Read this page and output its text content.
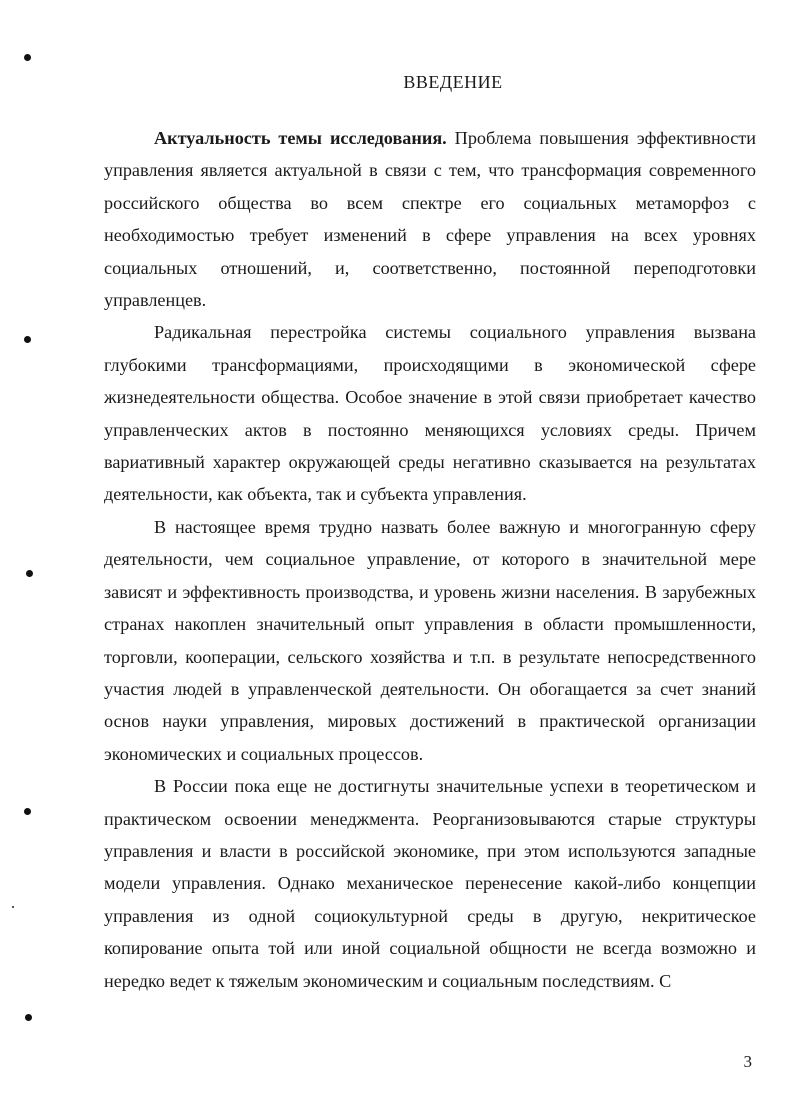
ВВЕДЕНИЕ

Актуальность темы исследования. Проблема повышения эффективности управления является актуальной в связи с тем, что трансформация современного российского общества во всем спектре его социальных метаморфоз с необходимостью требует изменений в сфере управления на всех уровнях социальных отношений, и, соответственно, постоянной переподготовки управленцев.

Радикальная перестройка системы социального управления вызвана глубокими трансформациями, происходящими в экономической сфере жизнедеятельности общества. Особое значение в этой связи приобретает качество управленческих актов в постоянно меняющихся условиях среды. Причем вариативный характер окружающей среды негативно сказывается на результатах деятельности, как объекта, так и субъекта управления.

В настоящее время трудно назвать более важную и многогранную сферу деятельности, чем социальное управление, от которого в значительной мере зависят и эффективность производства, и уровень жизни населения. В зарубежных странах накоплен значительный опыт управления в области промышленности, торговли, кооперации, сельского хозяйства и т.п. в результате непосредственного участия людей в управленческой деятельности. Он обогащается за счет знаний основ науки управления, мировых достижений в практической организации экономических и социальных процессов.

В России пока еще не достигнуты значительные успехи в теоретическом и практическом освоении менеджмента. Реорганизовываются старые структуры управления и власти в российской экономике, при этом используются западные модели управления. Однако механическое перенесение какой-либо концепции управления из одной социокультурной среды в другую, некритическое копирование опыта той или иной социальной общности не всегда возможно и нередко ведет к тяжелым экономическим и социальным последствиям. С

3
